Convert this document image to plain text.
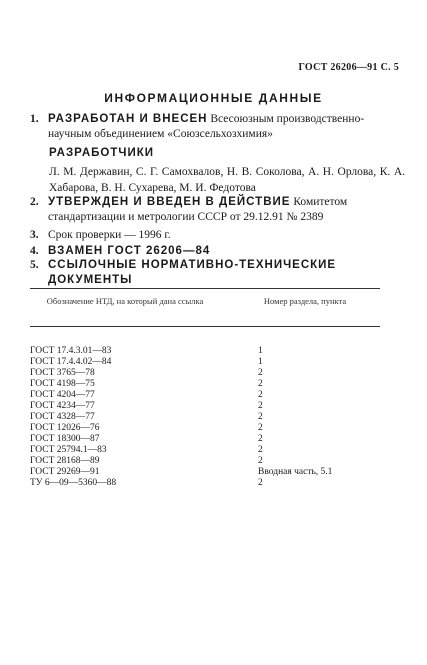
ГОСТ 26206—91 С. 5
ИНФОРМАЦИОННЫЕ ДАННЫЕ
1. РАЗРАБОТАН И ВНЕСЕН Всесоюзным производственно-научным объединением «Союзсельхозхимия»
РАЗРАБОТЧИКИ
Л. М. Державин, С. Г. Самохвалов, Н. В. Соколова, А. Н. Орлова, К. А. Хабарова, В. Н. Сухарева, М. И. Федотова
2. УТВЕРЖДЕН И ВВЕДЕН В ДЕЙСТВИЕ Комитетом стандартизации и метрологии СССР от 29.12.91 № 2389
3. Срок проверки — 1996 г.
4. ВЗАМЕН ГОСТ 26206—84
5. ССЫЛОЧНЫЕ НОРМАТИВНО-ТЕХНИЧЕСКИЕ ДОКУМЕНТЫ
Обозначение НТД, на который дана ссылка	Номер раздела, пункта
ГОСТ 17.4.3.01—83	1
ГОСТ 17.4.4.02—84	1
ГОСТ 3765—78	2
ГОСТ 4198—75	2
ГОСТ 4204—77	2
ГОСТ 4234—77	2
ГОСТ 4328—77	2
ГОСТ 12026—76	2
ГОСТ 18300—87	2
ГОСТ 25794.1—83	2
ГОСТ 28168—89	2
ГОСТ 29269—91	Вводная часть, 5.1
ТУ 6—09—5360—88	2
